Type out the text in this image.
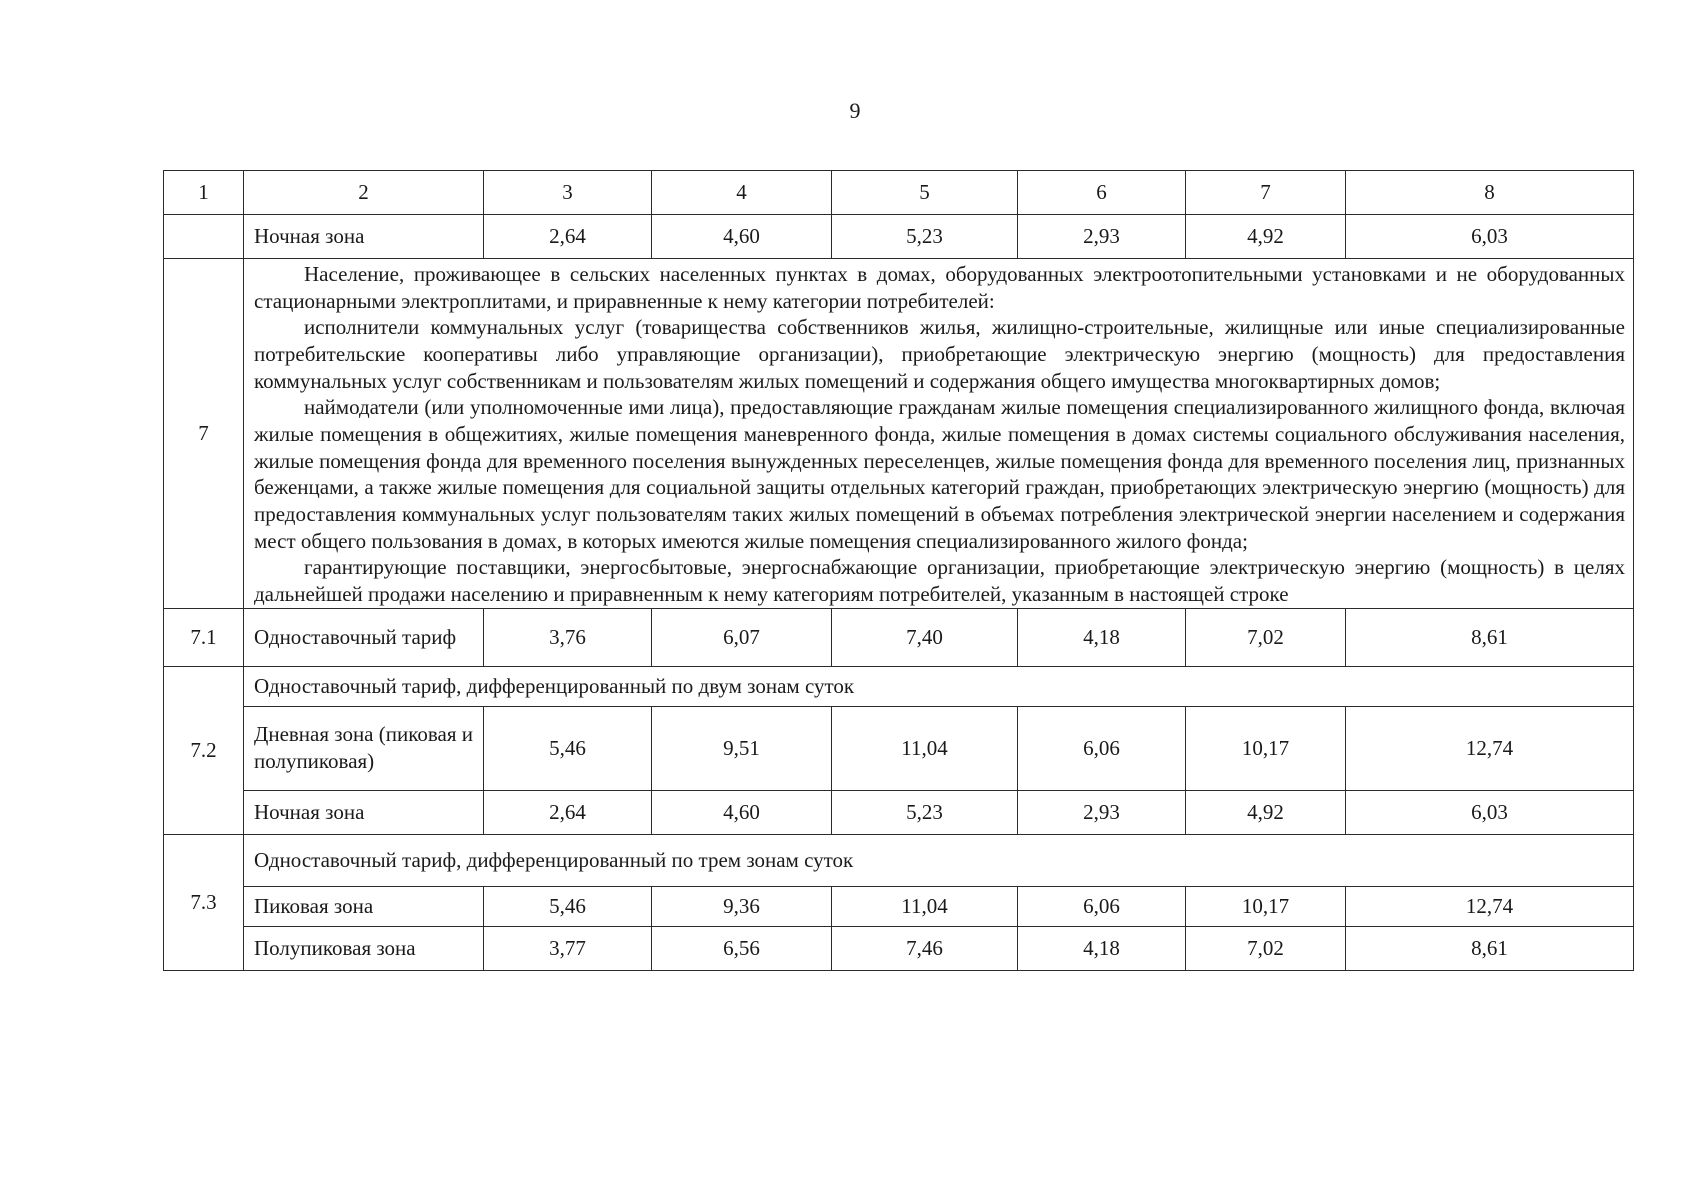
9
1	2	3	4	5	6	7	8
	Ночная зона	2,64	4,60	5,23	2,93	4,92	6,03
7	Население, проживающее в сельских населенных пунктах в домах, оборудованных электроотопительными установками и не оборудованных стационарными электроплитами, и приравненные к нему категории потребителей:
исполнители коммунальных услуг (товарищества собственников жилья, жилищно-строительные, жилищные или иные специализированные потребительские кооперативы либо управляющие организации), приобретающие электрическую энергию (мощность) для предоставления коммунальных услуг собственникам и пользователям жилых помещений и содержания общего имущества многоквартирных домов;
наймодатели (или уполномоченные ими лица), предоставляющие гражданам жилые помещения специализированного жилищного фонда, включая жилые помещения в общежитиях, жилые помещения маневренного фонда, жилые помещения в домах системы социального обслуживания населения, жилые помещения фонда для временного поселения вынужденных переселенцев, жилые помещения фонда для временного поселения лиц, признанных беженцами, а также жилые помещения для социальной защиты отдельных категорий граждан, приобретающих электрическую энергию (мощность) для предоставления коммунальных услуг пользователям таких жилых помещений в объемах потребления электрической энергии населением и содержания мест общего пользования в домах, в которых имеются жилые помещения специализированного жилого фонда;
гарантирующие поставщики, энергосбытовые, энергоснабжающие организации, приобретающие электрическую энергию (мощность) в целях дальнейшей продажи населению и приравненным к нему категориям потребителей, указанным в настоящей строке						

7.1	Одноставочный тариф	3,76	6,07	7,40	4,18	7,02	8,61
7.2	Одноставочный тариф, дифференцированный по двум зонам суток						
	Дневная зона (пиковая и полупиковая)	5,46	9,51	11,04	6,06	10,17	12,74
	Ночная зона	2,64	4,60	5,23	2,93	4,92	6,03
7.3	Одноставочный тариф, дифференцированный по трем зонам суток						
	Пиковая зона	5,46	9,36	11,04	6,06	10,17	12,74
	Полупиковая зона	3,77	6,56	7,46	4,18	7,02	8,61
